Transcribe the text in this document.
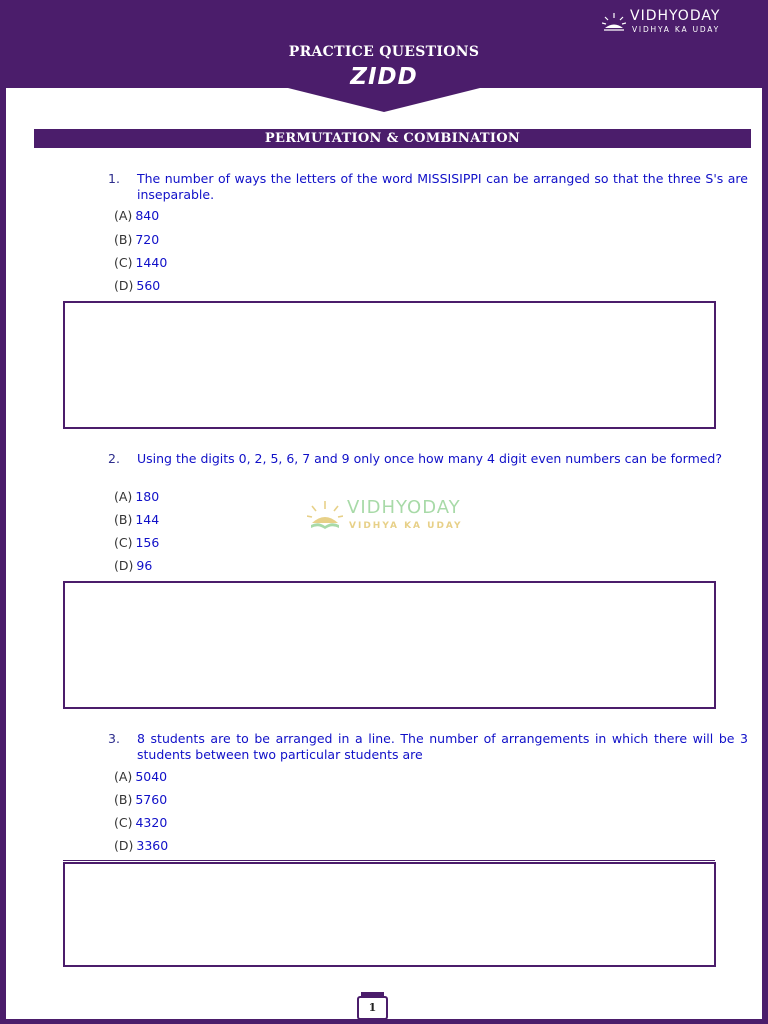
PRACTICE QUESTIONS
ZIDD
VIDHYODAY
VIDHYA KA UDAY
PERMUTATION & COMBINATION
1. The number of ways the letters of the word MISSISIPPI can be arranged so that the three S's are inseparable.
(A) 840
(B) 720
(C) 1440
(D) 560
2. Using the digits 0, 2, 5, 6, 7 and 9 only once how many 4 digit even numbers can be formed?
(A) 180
(B) 144
(C) 156
(D) 96
VIDHYODAY
VIDHYA KA UDAY
3. 8 students are to be arranged in a line. The number of arrangements in which there will be 3 students between two particular students are
(A) 5040
(B) 5760
(C) 4320
(D) 3360
1
